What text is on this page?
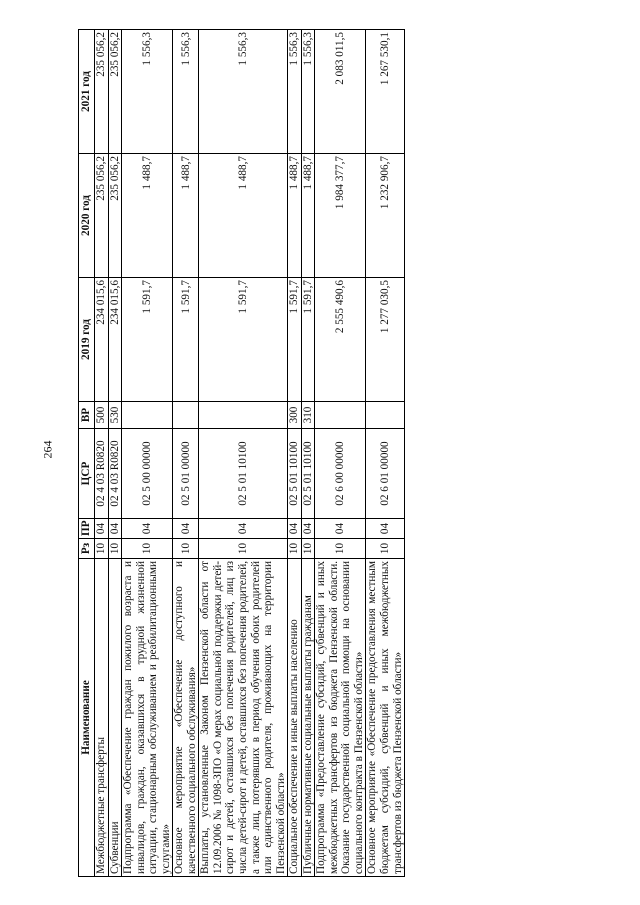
264
Наименование	Рз	ПР	ЦСР	ВР	2019 год	2020 год	2021 год
Межбюджетные трансферты	10	04	02 4 03 R0820	500	234 015,6	235 056,2	235 056,2
Субвенции	10	04	02 4 03 R0820	530	234 015,6	235 056,2	235 056,2
Подпрограмма «Обеспечение граждан пожилого возраста и инвалидов, граждан, оказавшихся в трудной жизненной ситуации, стационарным обслуживанием и реабилитационными услугами»	10	04	02 5 00 00000		1 591,7	1 488,7	1 556,3
Основное мероприятие «Обеспечение доступного и качественного социального обслуживания»	10	04	02 5 01 00000		1 591,7	1 488,7	1 556,3
Выплаты, установленные Законом Пензенской области от 12.09.2006 № 1098-ЗПО «О мерах социальной поддержки детей-сирот и детей, оставшихся без попечения родителей, лиц из числа детей-сирот и детей, оставшихся без попечения родителей, а также лиц, потерявших в период обучения обоих родителей или единственного родителя, проживающих на территории Пензенской области»	10	04	02 5 01 10100		1 591,7	1 488,7	1 556,3
Социальное обеспечение и иные выплаты населению	10	04	02 5 01 10100	300	1 591,7	1 488,7	1 556,3
Публичные нормативные социальные выплаты гражданам	10	04	02 5 01 10100	310	1 591,7	1 488,7	1 556,3
Подпрограмма «Предоставление субсидий, субвенций и иных межбюджетных трансфертов из бюджета Пензенской области. Оказание государственной социальной помощи на основании социального контракта в Пензенской области»	10	04	02 6 00 00000		2 555 490,6	1 984 377,7	2 083 011,5
Основное мероприятие «Обеспечение предоставления местным бюджетам субсидий, субвенций и иных межбюджетных трансфертов из бюджета Пензенской области»	10	04	02 6 01 00000		1 277 030,5	1 232 906,7	1 267 530,1
